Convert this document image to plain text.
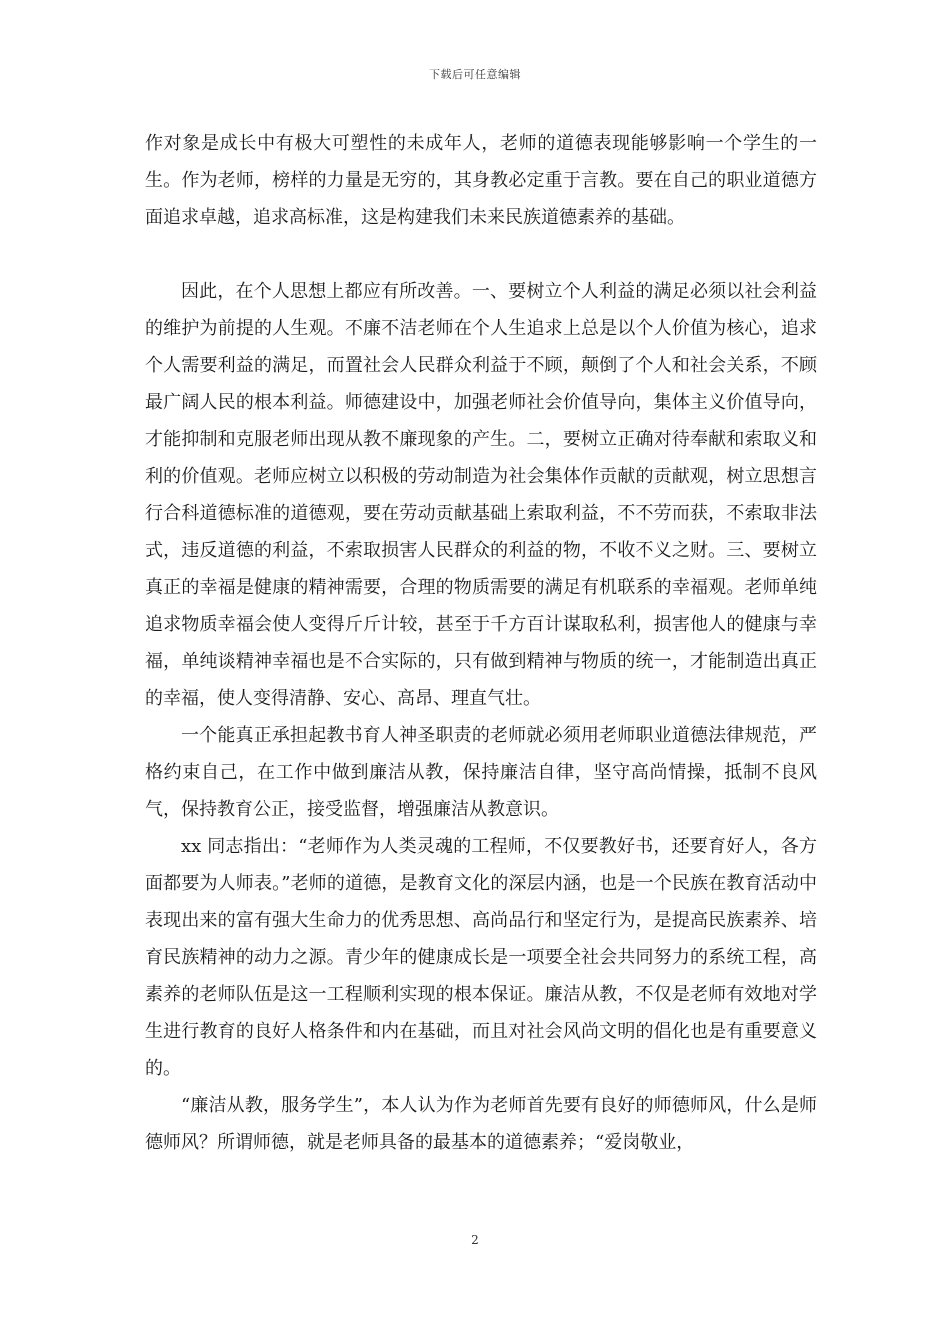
下载后可任意编辑

作对象是成长中有极大可塑性的未成年人，老师的道德表现能够影响一个学生的一生。作为老师，榜样的力量是无穷的，其身教必定重于言教。要在自己的职业道德方面追求卓越，追求高标准，这是构建我们未来民族道德素养的基础。

因此，在个人思想上都应有所改善。一、要树立个人利益的满足必须以社会利益的维护为前提的人生观。不廉不洁老师在个人生追求上总是以个人价值为核心，追求个人需要利益的满足，而置社会人民群众利益于不顾，颠倒了个人和社会关系，不顾最广阔人民的根本利益。师德建设中，加强老师社会价值导向，集体主义价值导向，才能抑制和克服老师出现从教不廉现象的产生。二，要树立正确对待奉献和索取义和利的价值观。老师应树立以积极的劳动制造为社会集体作贡献的贡献观，树立思想言行合科道德标准的道德观，要在劳动贡献基础上索取利益，不不劳而获，不索取非法式，违反道德的利益，不索取损害人民群众的利益的物，不收不义之财。三、要树立真正的幸福是健康的精神需要，合理的物质需要的满足有机联系的幸福观。老师单纯追求物质幸福会使人变得斤斤计较，甚至于千方百计谋取私利，损害他人的健康与幸福，单纯谈精神幸福也是不合实际的，只有做到精神与物质的统一，才能制造出真正的幸福，使人变得清静、安心、高昂、理直气壮。

一个能真正承担起教书育人神圣职责的老师就必须用老师职业道德法律规范，严格约束自己，在工作中做到廉洁从教，保持廉洁自律，坚守高尚情操，抵制不良风气，保持教育公正，接受监督，增强廉洁从教意识。

xx 同志指出：“老师作为人类灵魂的工程师，不仅要教好书，还要育好人，各方面都要为人师表。”老师的道德，是教育文化的深层内涵，也是一个民族在教育活动中表现出来的富有强大生命力的优秀思想、高尚品行和坚定行为，是提高民族素养、培育民族精神的动力之源。青少年的健康成长是一项要全社会共同努力的系统工程，高素养的老师队伍是这一工程顺利实现的根本保证。廉洁从教，不仅是老师有效地对学生进行教育的良好人格条件和内在基础，而且对社会风尚文明的倡化也是有重要意义的。

“廉洁从教，服务学生”，本人认为作为老师首先要有良好的师德师风，什么是师德师风？所谓师德，就是老师具备的最基本的道德素养；“爱岗敬业，

2
